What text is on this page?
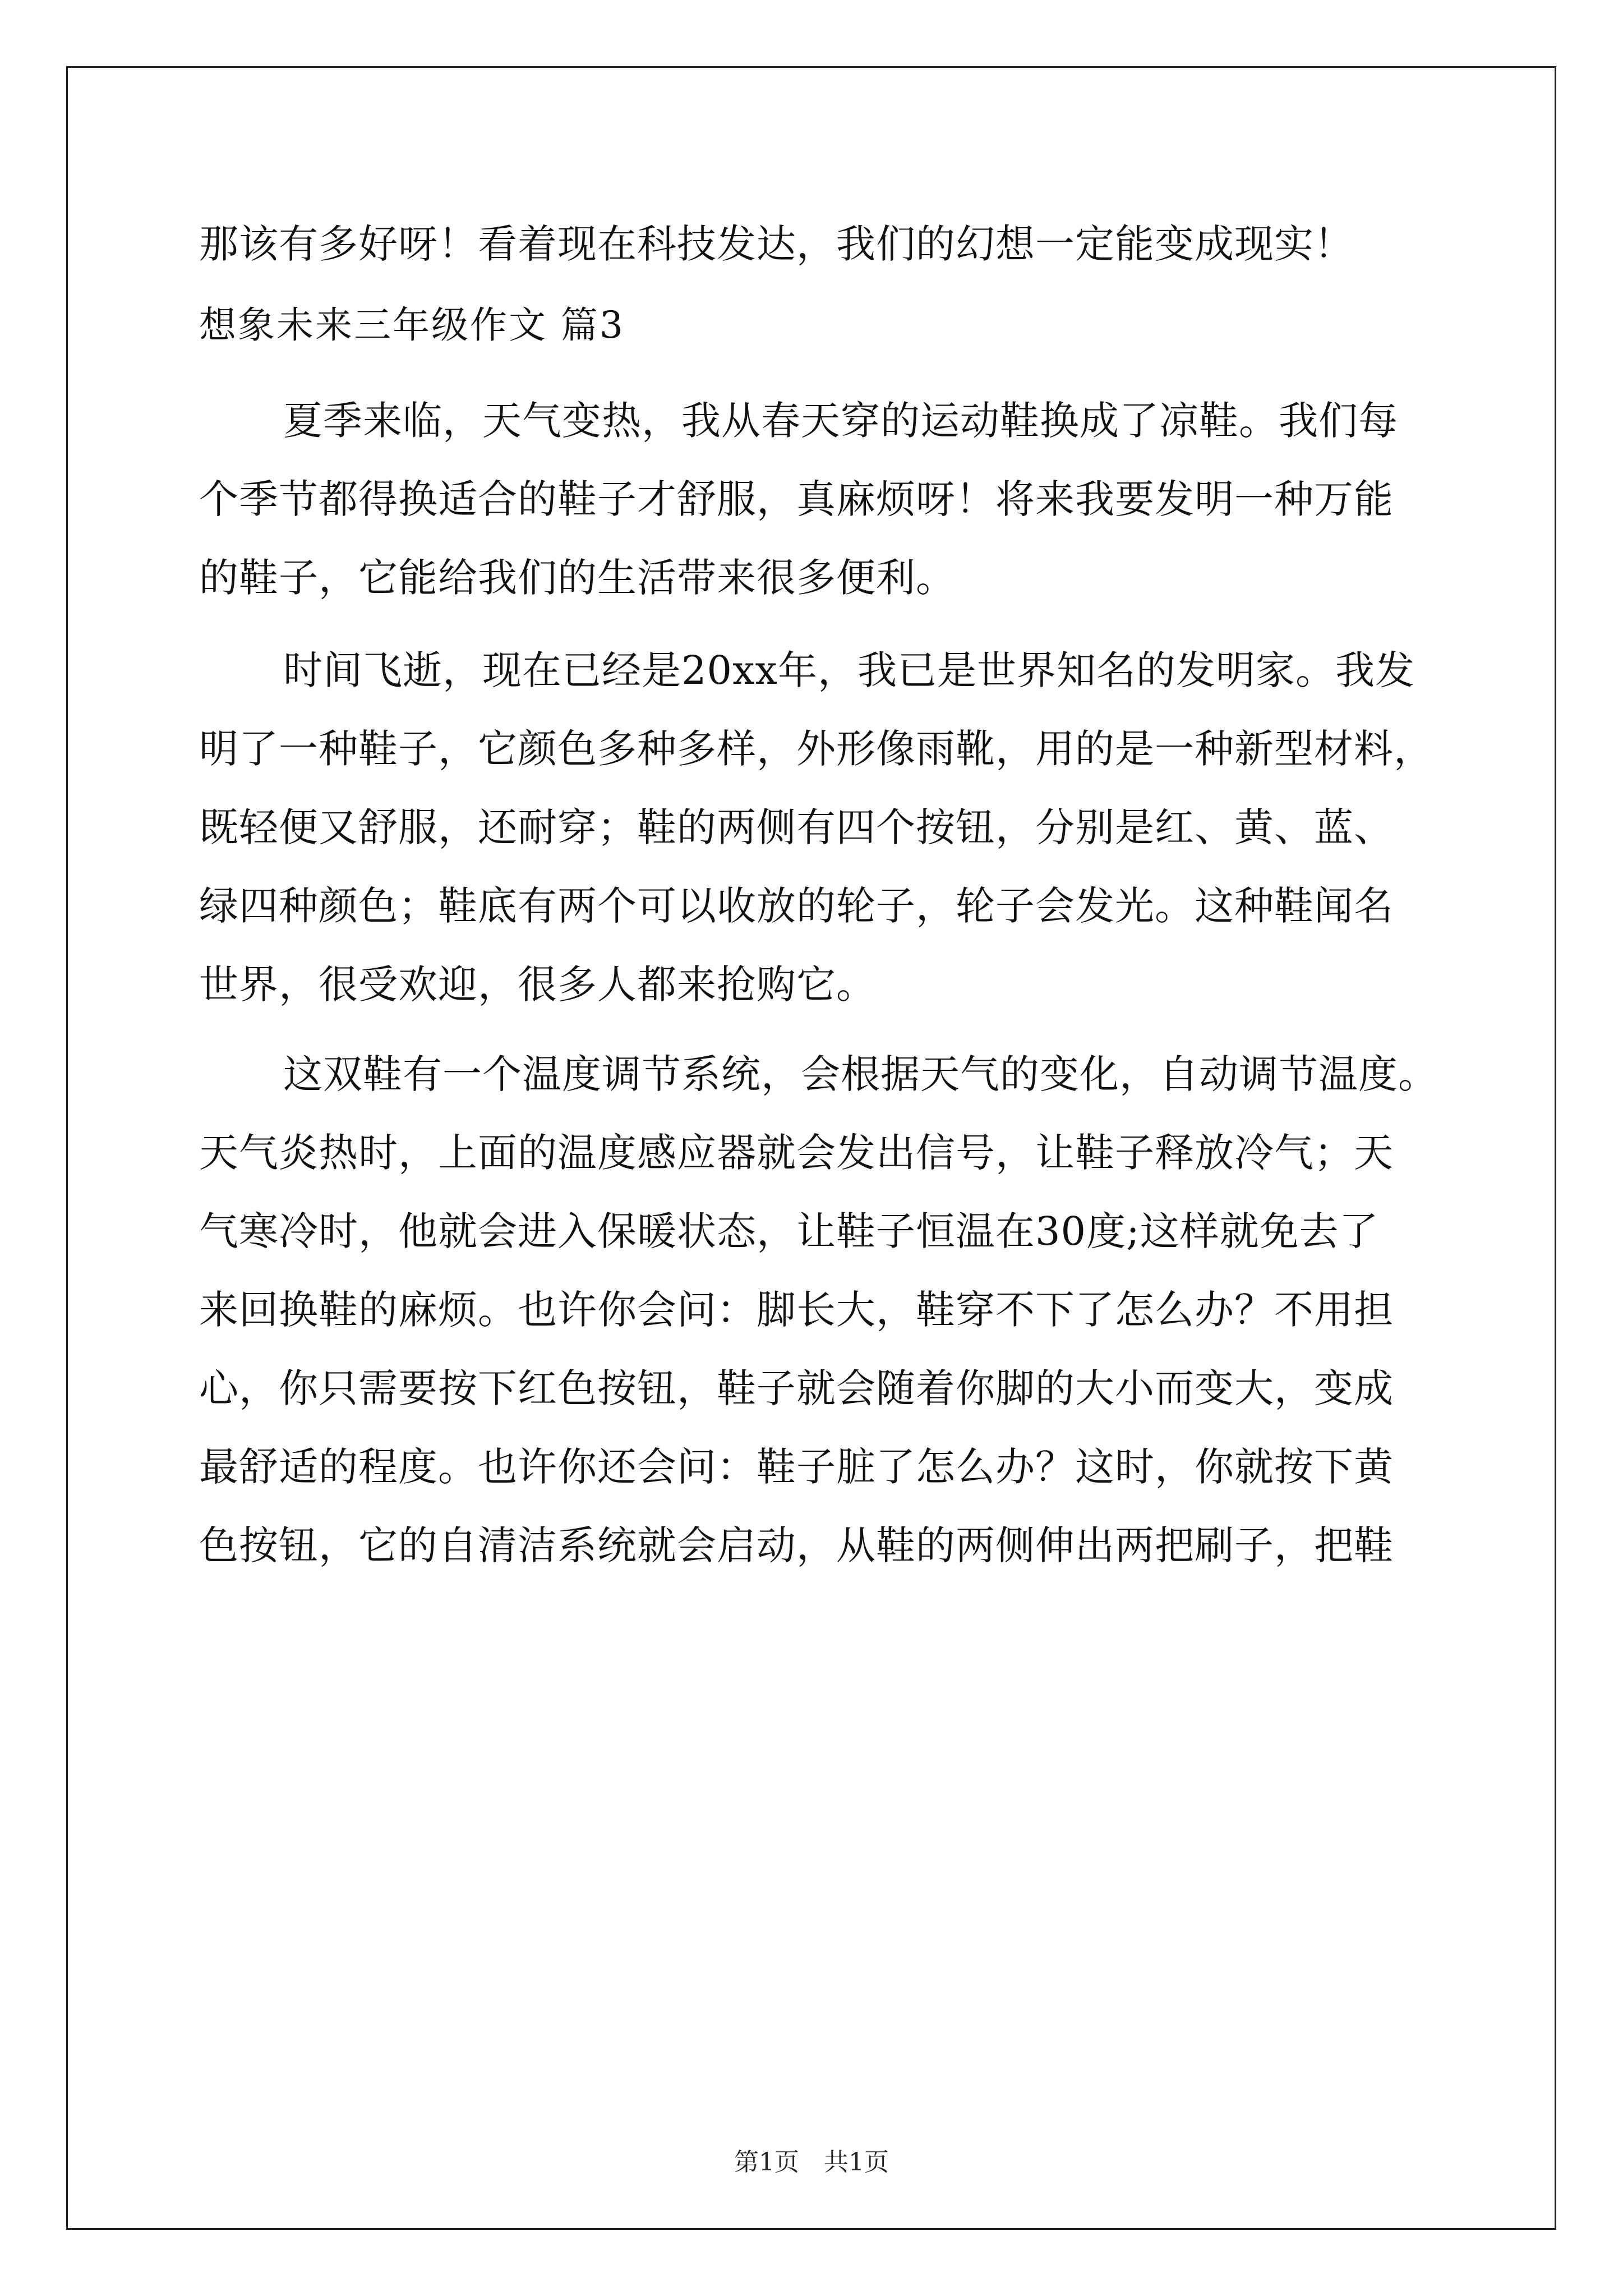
那该有多好呀！看着现在科技发达，我们的幻想一定能变成现实！
想象未来三年级作文 篇3
夏季来临，天气变热，我从春天穿的运动鞋换成了凉鞋。我们每
个季节都得换适合的鞋子才舒服，真麻烦呀！将来我要发明一种万能
的鞋子，它能给我们的生活带来很多便利。
时间飞逝，现在已经是20xx年，我已是世界知名的发明家。我发
明了一种鞋子，它颜色多种多样，外形像雨靴，用的是一种新型材料，
既轻便又舒服，还耐穿；鞋的两侧有四个按钮，分别是红、黄、蓝、
绿四种颜色；鞋底有两个可以收放的轮子，轮子会发光。这种鞋闻名
世界，很受欢迎，很多人都来抢购它。
这双鞋有一个温度调节系统，会根据天气的变化，自动调节温度。
天气炎热时，上面的温度感应器就会发出信号，让鞋子释放冷气；天
气寒冷时，他就会进入保暖状态，让鞋子恒温在30度;这样就免去了
来回换鞋的麻烦。也许你会问：脚长大，鞋穿不下了怎么办？不用担
心，你只需要按下红色按钮，鞋子就会随着你脚的大小而变大，变成
最舒适的程度。也许你还会问：鞋子脏了怎么办？这时，你就按下黄
色按钮，它的自清洁系统就会启动，从鞋的两侧伸出两把刷子，把鞋
第1页　共1页
